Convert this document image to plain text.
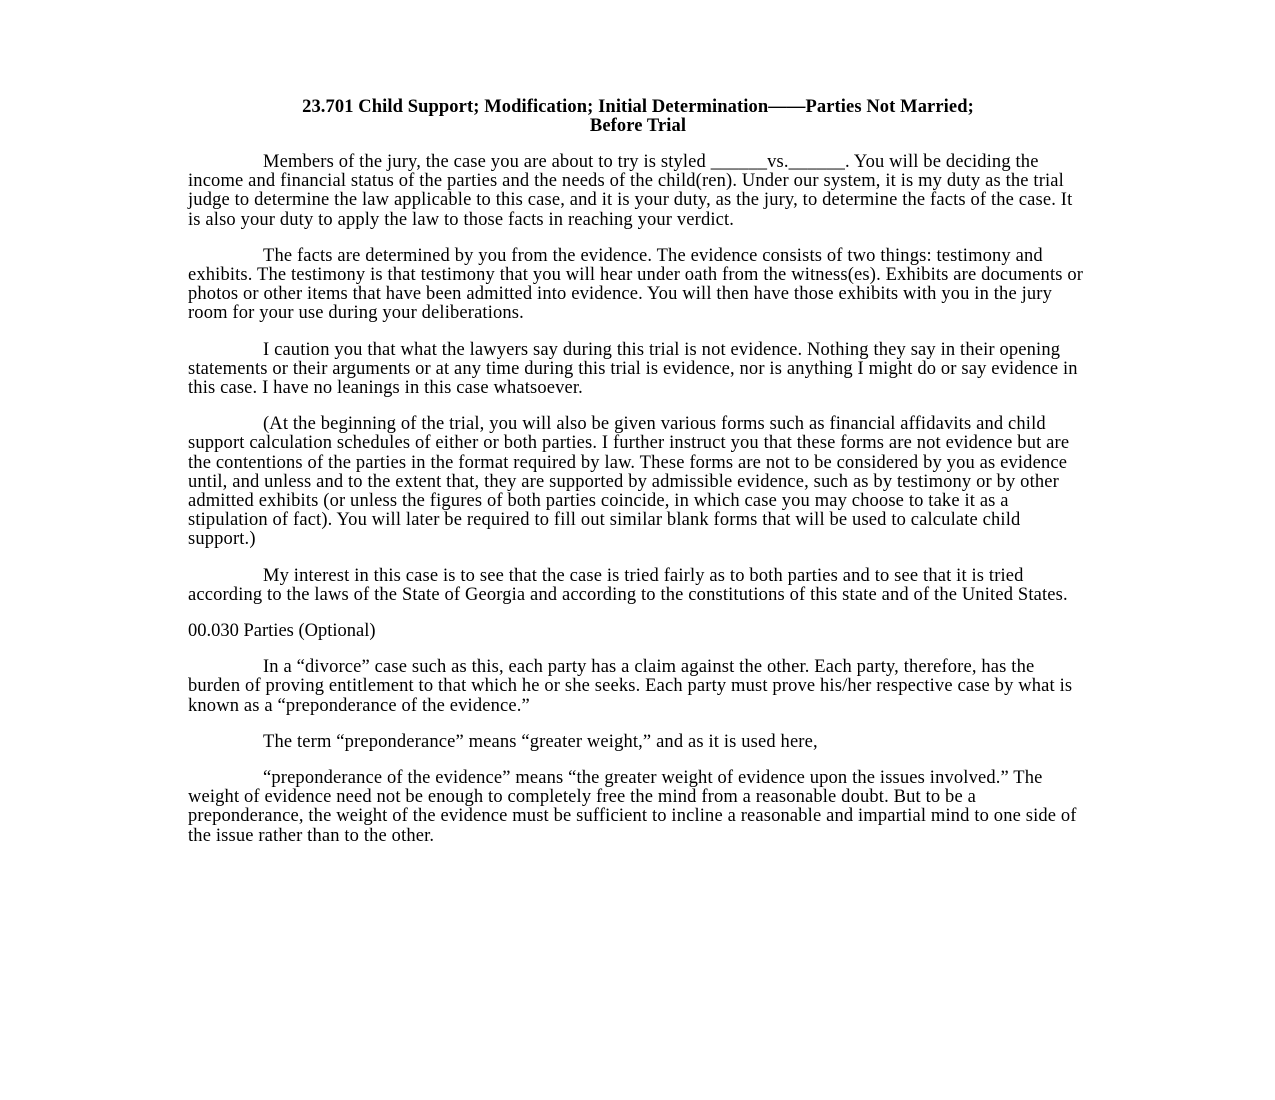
23.701 Child Support; Modification; Initial Determination——Parties Not Married;
Before Trial

Members of the jury, the case you are about to try is styled ______vs.______. You will be deciding the income and financial status of the parties and the needs of the child(ren). Under our system, it is my duty as the trial judge to determine the law applicable to this case, and it is your duty, as the jury, to determine the facts of the case. It is also your duty to apply the law to those facts in reaching your verdict.

The facts are determined by you from the evidence. The evidence consists of two things: testimony and exhibits. The testimony is that testimony that you will hear under oath from the witness(es). Exhibits are documents or photos or other items that have been admitted into evidence. You will then have those exhibits with you in the jury room for your use during your deliberations.

I caution you that what the lawyers say during this trial is not evidence. Nothing they say in their opening statements or their arguments or at any time during this trial is evidence, nor is anything I might do or say evidence in this case. I have no leanings in this case whatsoever.

(At the beginning of the trial, you will also be given various forms such as financial affidavits and child support calculation schedules of either or both parties. I further instruct you that these forms are not evidence but are the contentions of the parties in the format required by law. These forms are not to be considered by you as evidence until, and unless and to the extent that, they are supported by admissible evidence, such as by testimony or by other admitted exhibits (or unless the figures of both parties coincide, in which case you may choose to take it as a stipulation of fact). You will later be required to fill out similar blank forms that will be used to calculate child support.)

My interest in this case is to see that the case is tried fairly as to both parties and to see that it is tried according to the laws of the State of Georgia and according to the constitutions of this state and of the United States.

00.030 Parties (Optional)

In a “divorce” case such as this, each party has a claim against the other. Each party, therefore, has the burden of proving entitlement to that which he or she seeks. Each party must prove his/her respective case by what is known as a “preponderance of the evidence.”

The term “preponderance” means “greater weight,” and as it is used here,

“preponderance of the evidence” means “the greater weight of evidence upon the issues involved.” The weight of evidence need not be enough to completely free the mind from a reasonable doubt. But to be a preponderance, the weight of the evidence must be sufficient to incline a reasonable and impartial mind to one side of the issue rather than to the other.
